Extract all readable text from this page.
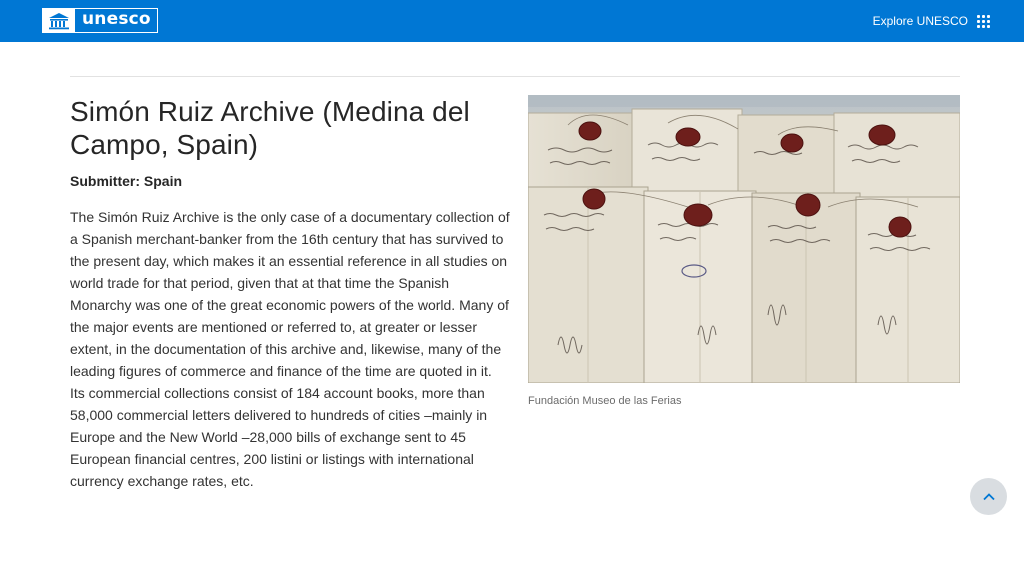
unesco	Explore UNESCO
Simón Ruiz Archive (Medina del Campo, Spain)
Submitter: Spain

The Simón Ruiz Archive is the only case of a documentary collection of a Spanish merchant-banker from the 16th century that has survived to the present day, which makes it an essential reference in all studies on world trade for that period, given that at that time the Spanish Monarchy was one of the great economic powers of the world. Many of the major events are mentioned or referred to, at greater or lesser extent, in the documentation of this archive and, likewise, many of the leading figures of commerce and finance of the time are quoted in it. Its commercial collections consist of 184 account books, more than 58,000 commercial letters delivered to hundreds of cities –mainly in Europe and the New World –28,000 bills of exchange sent to 45 European financial centres, 200 listini or listings with international currency exchange rates, etc.

Fundación Museo de las Ferias
